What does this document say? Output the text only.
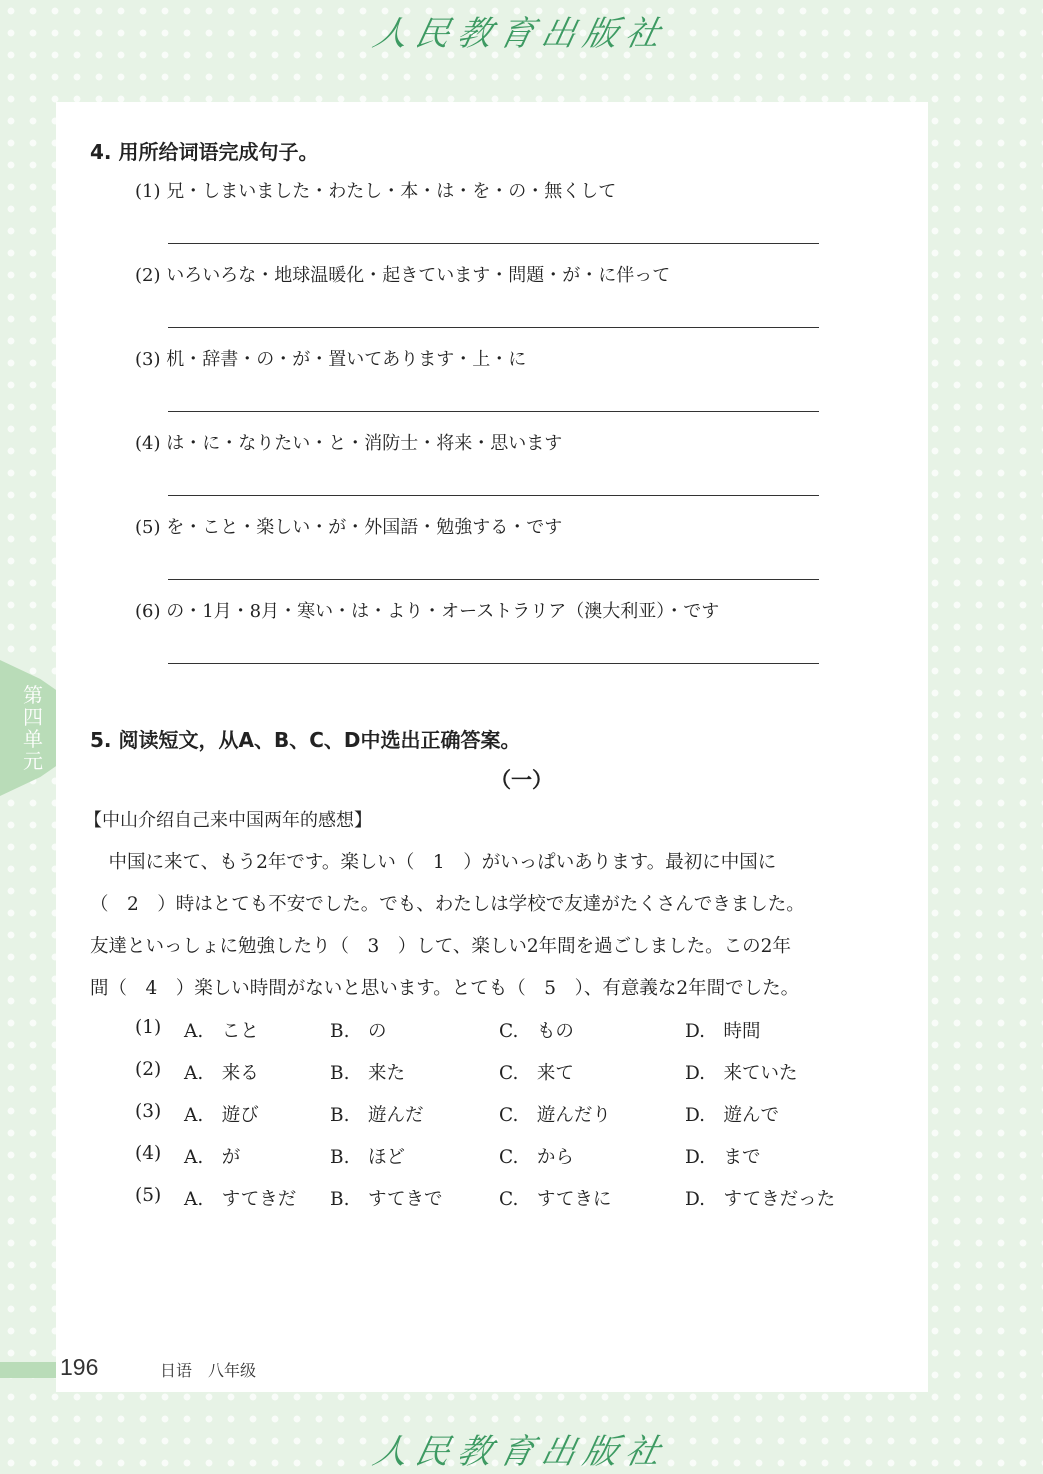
人民教育出版社
第四单元
4. 用所给词语完成句子。
(1) 兄・しまいました・わたし・本・は・を・の・無くして
(2) いろいろな・地球温暖化・起きています・問題・が・に伴って
(3) 机・辞書・の・が・置いてあります・上・に
(4) は・に・なりたい・と・消防士・将来・思います
(5) を・こと・楽しい・が・外国語・勉強する・です
(6) の・1月・8月・寒い・は・より・オーストラリア（澳大利亚）・です
5. 阅读短文，从A、B、C、D中选出正确答案。
（一）
【中山介绍自己来中国两年的感想】
　中国に来て、もう2年です。楽しい（　1　）がいっぱいあります。最初に中国に
（　2　）時はとても不安でした。でも、わたしは学校で友達がたくさんできました。
友達といっしょに勉強したり（　3　）して、楽しい2年間を過ごしました。この2年
間（　4　）楽しい時間がないと思います。とても（　5　）、有意義な2年間でした。
(1) A.　こと	B.　の	C.　もの	D.　時間
(2) A.　来る	B.　来た	C.　来て	D.　来ていた
(3) A.　遊び	B.　遊んだ	C.　遊んだり	D.　遊んで
(4) A.　が	B.　ほど	C.　から	D.　まで
(5) A.　すてきだ B.　すてきで	C.　すてきに	D.　すてきだった
196	日语　八年级
人民教育出版社
